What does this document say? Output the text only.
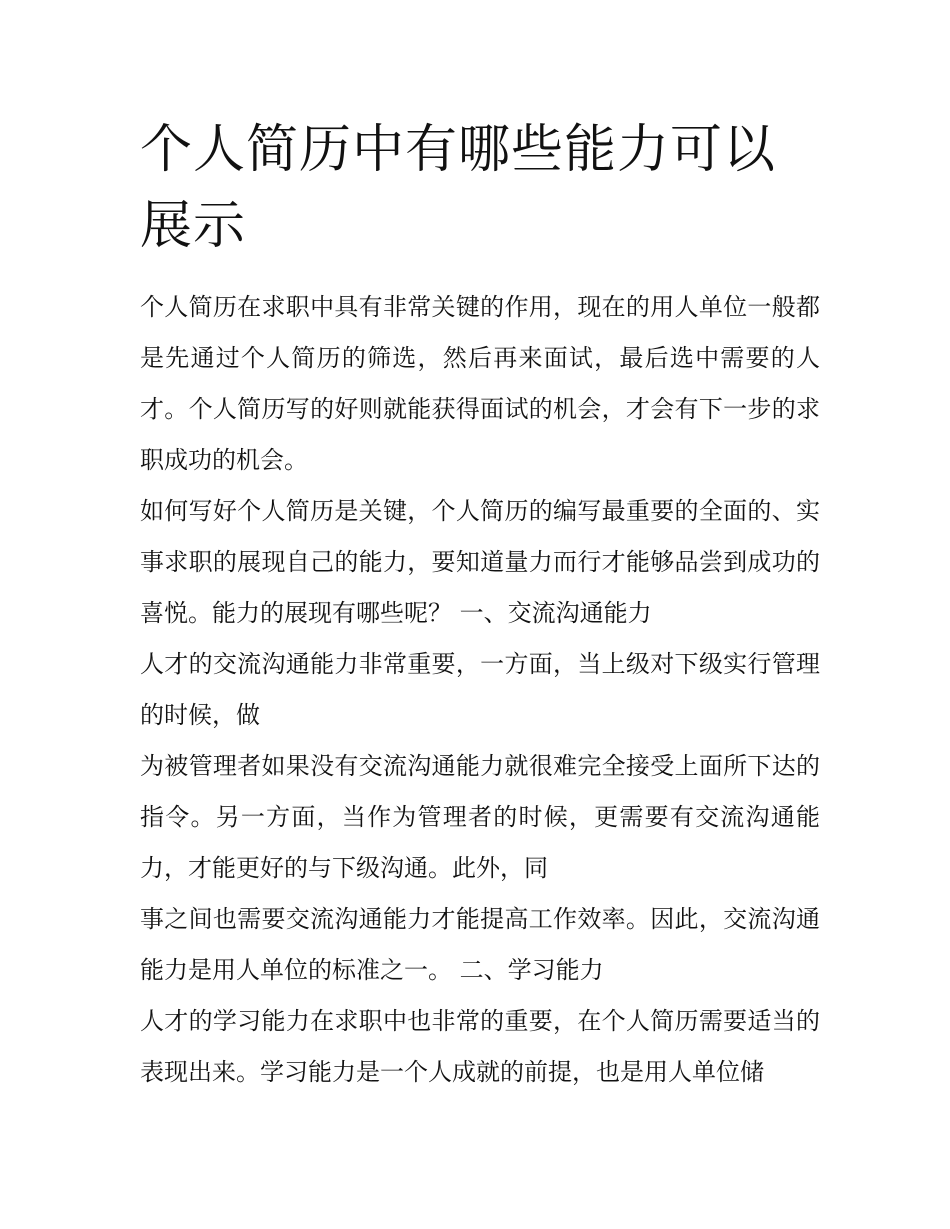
个人简历中有哪些能力可以展示

个人简历在求职中具有非常关键的作用，现在的用人单位一般都是先通过个人简历的筛选，然后再来面试，最后选中需要的人才。个人简历写的好则就能获得面试的机会，才会有下一步的求职成功的机会。

如何写好个人简历是关键，个人简历的编写最重要的全面的、实事求职的展现自己的能力，要知道量力而行才能够品尝到成功的喜悦。能力的展现有哪些呢？ 一、交流沟通能力

人才的交流沟通能力非常重要，一方面，当上级对下级实行管理的时候，做

为被管理者如果没有交流沟通能力就很难完全接受上面所下达的指令。另一方面，当作为管理者的时候，更需要有交流沟通能力，才能更好的与下级沟通。此外，同

事之间也需要交流沟通能力才能提高工作效率。因此，交流沟通能力是用人单位的标准之一。 二、学习能力

人才的学习能力在求职中也非常的重要，在个人简历需要适当的表现出来。学习能力是一个人成就的前提，也是用人单位储
